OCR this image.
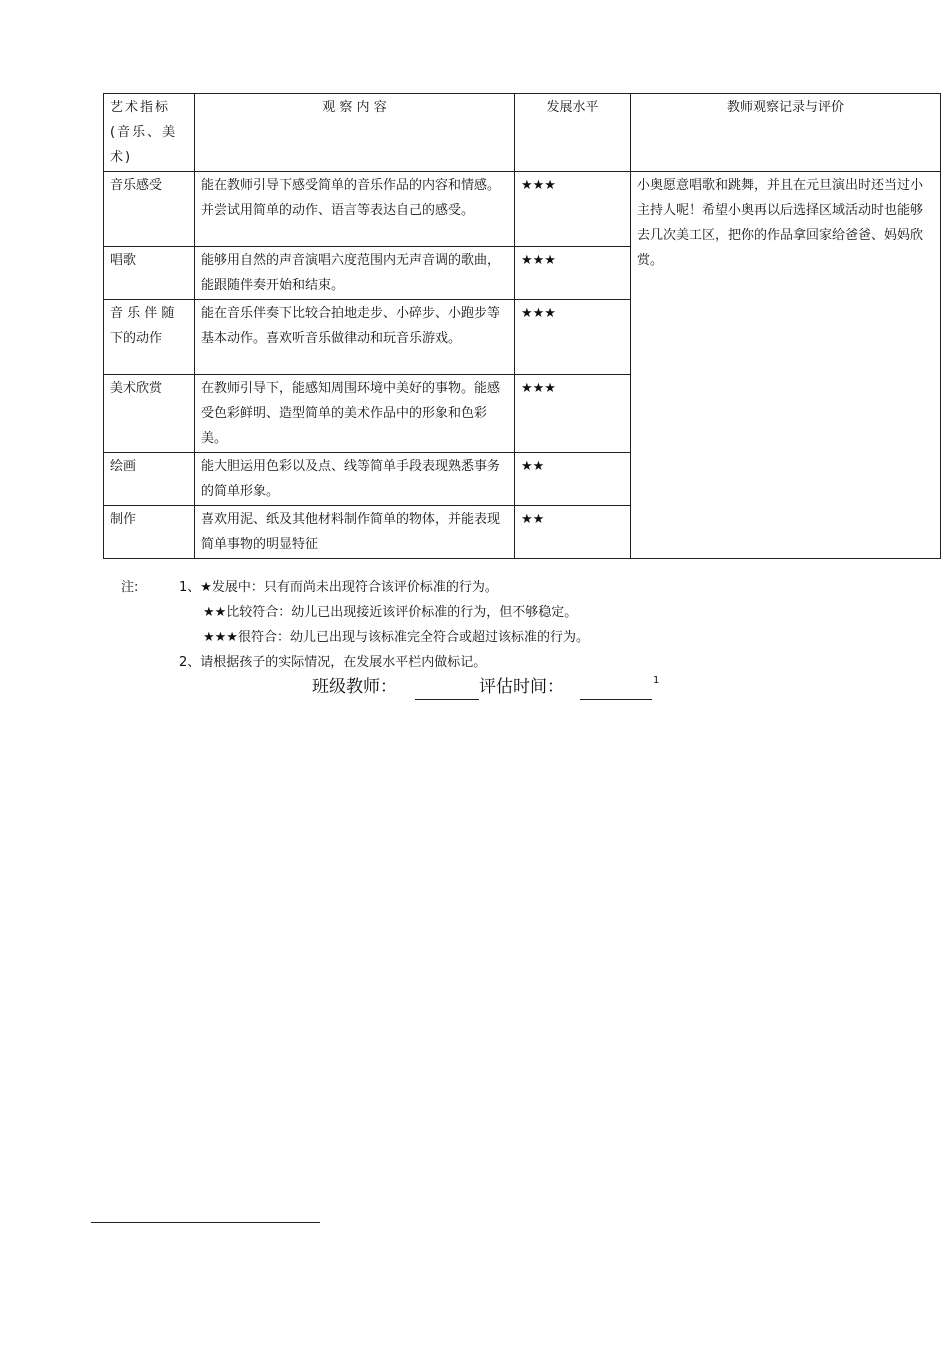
艺术指标(音乐、美术)	观 察 内 容	发展水平	教师观察记录与评价
音乐感受	能在教师引导下感受简单的音乐作品的内容和情感。并尝试用简单的动作、语言等表达自己的感受。	★★★	小奥愿意唱歌和跳舞，并且在元旦演出时还当过小主持人呢！希望小奥再以后选择区域活动时也能够去几次美工区，把你的作品拿回家给爸爸、妈妈欣赏。
唱歌	能够用自然的声音演唱六度范围内无声音调的歌曲，能跟随伴奏开始和结束。	★★★	
音 乐 伴 随 下的动作	能在音乐伴奏下比较合拍地走步、小碎步、小跑步等基本动作。喜欢听音乐做律动和玩音乐游戏。	★★★	
美术欣赏	在教师引导下，能感知周围环境中美好的事物。能感受色彩鲜明、造型简单的美术作品中的形象和色彩美。	★★★	
绘画	能大胆运用色彩以及点、线等简单手段表现熟悉事务的简单形象。	★★	
制作	喜欢用泥、纸及其他材料制作简单的物体，并能表现简单事物的明显特征	★★	
注:	1、★发展中：只有而尚未出现符合该评价标准的行为。
★★比较符合：幼儿已出现接近该评价标准的行为，但不够稳定。
★★★很符合：幼儿已出现与该标准完全符合或超过该标准的行为。
2、请根据孩子的实际情况，在发展水平栏内做标记。
班级教师：	评估时间：	$^1$
